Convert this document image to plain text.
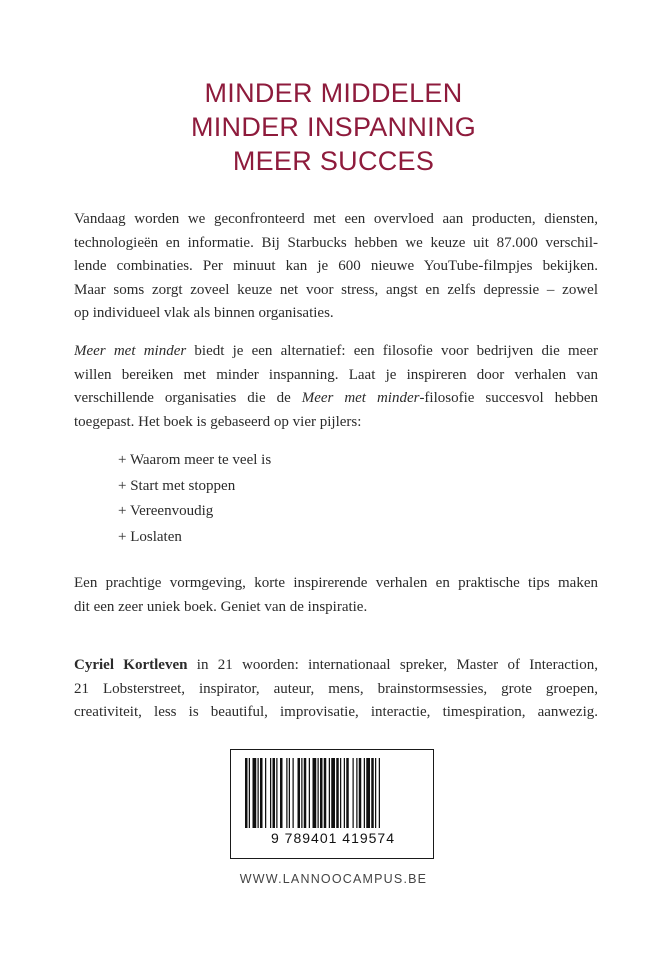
MINDER MIDDELEN
MINDER INSPANNING
MEER SUCCES
Vandaag worden we geconfronteerd met een overvloed aan producten, diensten,
technologieën en informatie. Bij Starbucks hebben we keuze uit 87.000 verschil-
lende combinaties. Per minuut kan je 600 nieuwe YouTube-filmpjes bekijken.
Maar soms zorgt zoveel keuze net voor stress, angst en zelfs depressie – zowel
op individueel vlak als binnen organisaties.
Meer met minder biedt je een alternatief: een filosofie voor bedrijven die meer
willen bereiken met minder inspanning. Laat je inspireren door verhalen van
verschillende organisaties die de Meer met minder-filosofie succesvol hebben
toegepast. Het boek is gebaseerd op vier pijlers:
+ Waarom meer te veel is
+ Start met stoppen
+ Vereenvoudig
+ Loslaten
Een prachtige vormgeving, korte inspirerende verhalen en praktische tips maken
dit een zeer uniek boek. Geniet van de inspiratie.
Cyriel Kortleven in 21 woorden: internationaal spreker, Master of Interaction,
21 Lobsterstreet, inspirator, auteur, mens, brainstormsessies, grote groepen,
creativiteit, less is beautiful, improvisatie, interactie, timespiration, aanwezig.
9 789401 419574
WWW.LANNOOCAMPUS.BE
